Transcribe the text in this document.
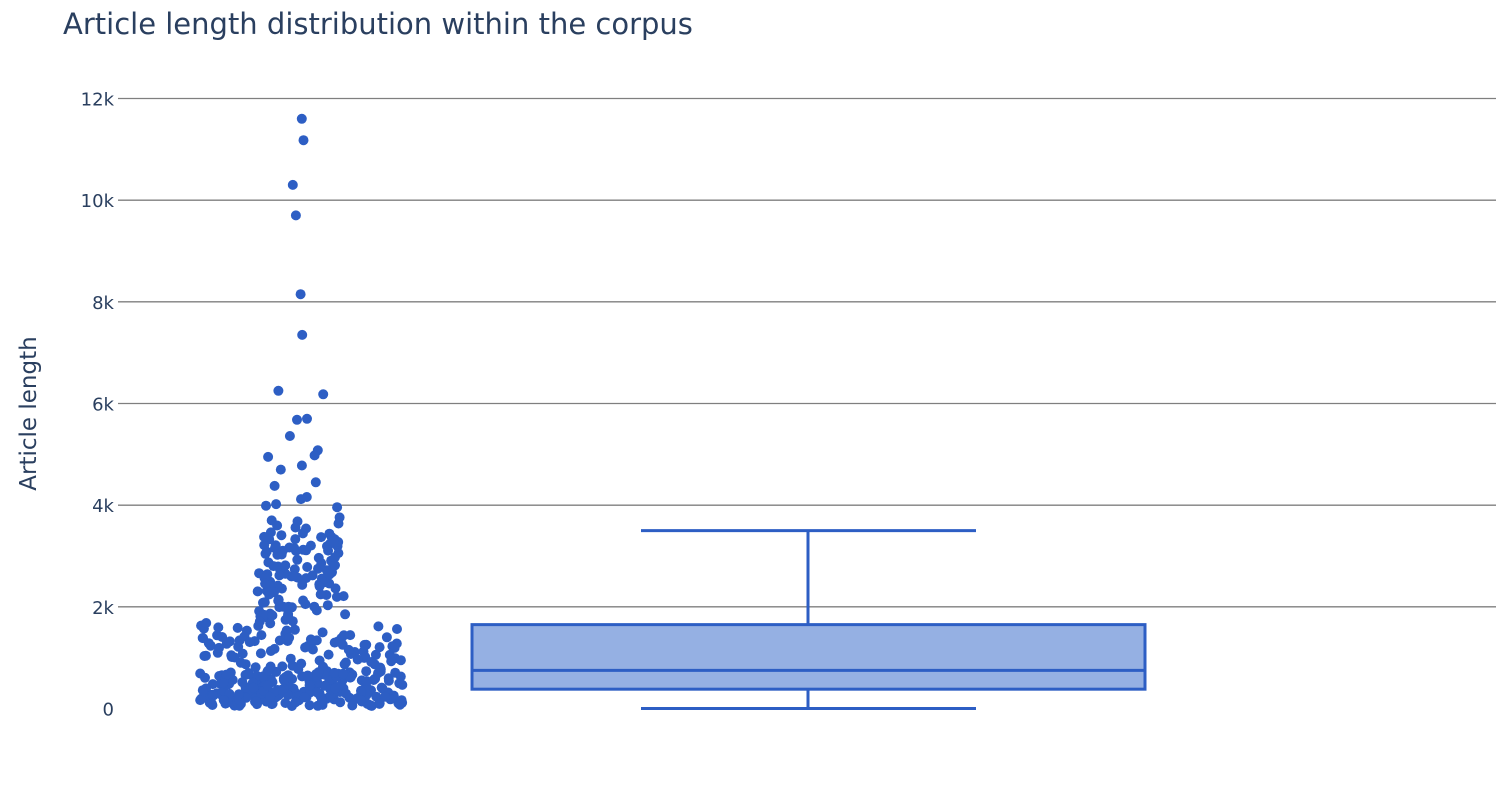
Article length distribution within the corpus
0
2k
4k
6k
8k
10k
12k
Article length
